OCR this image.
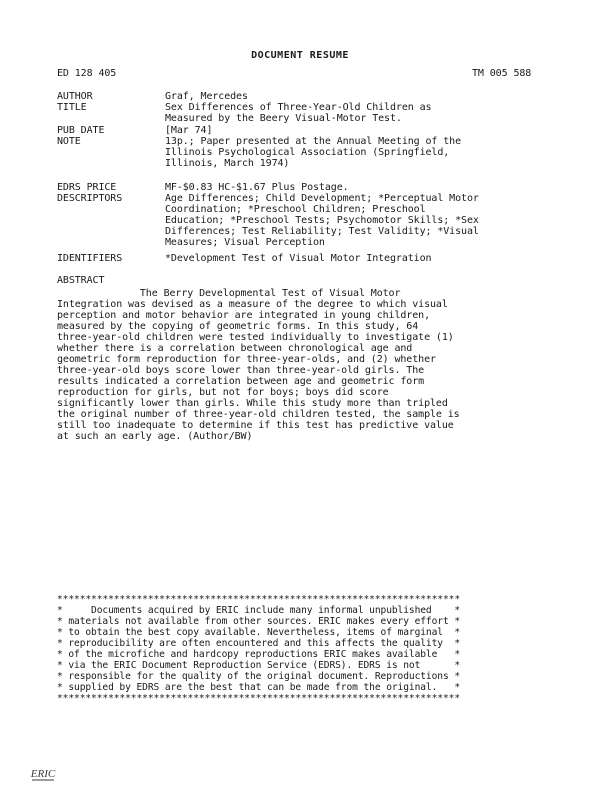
DOCUMENT RESUME
ED 128 405	TM 005 588
AUTHOR	Graf, Mercedes
TITLE	Sex Differences of Three-Year-Old Children as
Measured by the Beery Visual-Motor Test.
PUB DATE	[Mar 74]
NOTE	13p.; Paper presented at the Annual Meeting of the
Illinois Psychological Association (Springfield,
Illinois, March 1974)
EDRS PRICE	MF-$0.83 HC-$1.67 Plus Postage.
DESCRIPTORS	Age Differences; Child Development; *Perceptual Motor
Coordination; *Preschool Children; Preschool
Education; *Preschool Tests; Psychomotor Skills; *Sex
Differences; Test Reliability; Test Validity; *Visual
Measures; Visual Perception
IDENTIFIERS	*Development Test of Visual Motor Integration
ABSTRACT
The Berry Developmental Test of Visual Motor
Integration was devised as a measure of the degree to which visual
perception and motor behavior are integrated in young children,
measured by the copying of geometric forms. In this study, 64
three-year-old children were tested individually to investigate (1)
whether there is a correlation between chronological age and
geometric form reproduction for three-year-olds, and (2) whether
three-year-old boys score lower than three-year-old girls. The
results indicated a correlation between age and geometric form
reproduction for girls, but not for boys; boys did score
significantly lower than girls. While this study more than tripled
the original number of three-year-old children tested, the sample is
still too inadequate to determine if this test has predictive value
at such an early age. (Author/BW)
***********************************************************************
*     Documents acquired by ERIC include many informal unpublished    *
* materials not available from other sources. ERIC makes every effort *
* to obtain the best copy available. Nevertheless, items of marginal  *
* reproducibility are often encountered and this affects the quality  *
* of the microfiche and hardcopy reproductions ERIC makes available   *
* via the ERIC Document Reproduction Service (EDRS). EDRS is not      *
* responsible for the quality of the original document. Reproductions *
* supplied by EDRS are the best that can be made from the original.   *
***********************************************************************

ERIC
